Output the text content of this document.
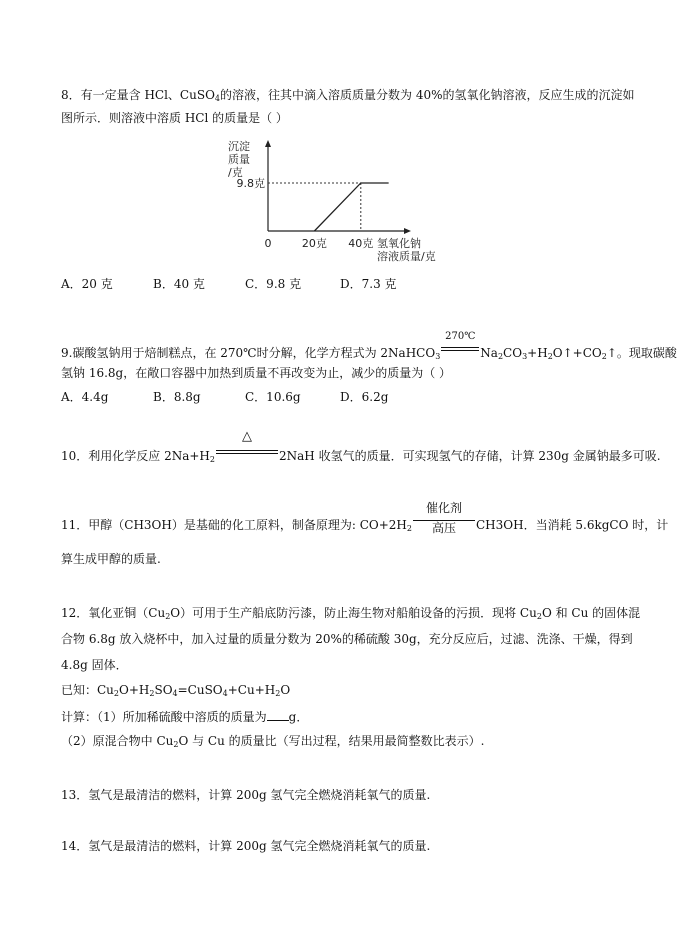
8．有一定量含 HCl、CuSO$_4$的溶液，往其中滴入溶质质量分数为 40%的氢氧化钠溶液，反应生成的沉淀如
图所示．则溶液中溶质 HCl 的质量是（ ）
沉淀
质量
/克
9.8克
0	20克 40克 氢氧化钠
溶液质量/克
A．20 克	B．40 克	C．9.8 克	D．7.3 克
9.碳酸氢钠用于焙制糕点，在 270℃时分解，化学方程式为 2NaHCO$_3$
270℃
$Na_2CO_3+H_2O↑+CO_2↑$。现取碳酸
氢钠 16.8g，在敞口容器中加热到质量不再改变为止，减少的质量为（ ）
A．4.4g	B．8.8g	C．10.6g	D．6.2g
10．利用化学反应 $2Na+H_2$
△
2NaH 收氢气的质量．可实现氢气的存储，计算 230g 金属钠最多可吸.
11．甲醇（CH3OH）是基础的化工原料，制备原理为: $CO+2H_2$
催化剂
高压	CH3OH．当消耗 5.6kgCO 时，计
算生成甲醇的质量.
12．氧化亚铜$(Cu_2O)$可用于生产船底防污漆，防止海生物对船舶设备的污损．现将 $Cu_2O$ 和 Cu 的固体混
合物 6.8g 放入烧杯中，加入过量的质量分数为 20%的稀硫酸 30g，充分反应后，过滤、洗涤、干燥，得到
4.8g 固体．
已知：$Cu_2O+H_2SO_4=CuSO_4+Cu+H_2O$
计算：（1）所加稀硫酸中溶质的质量为 g．
（2）原混合物中 $Cu_2O$ 与 Cu 的质量比（写出过程，结果用最简整数比表示）.
13．氢气是最清洁的燃料，计算 200g 氢气完全燃烧消耗氧气的质量.
14．氢气是最清洁的燃料，计算 200g 氢气完全燃烧消耗氧气的质量.
